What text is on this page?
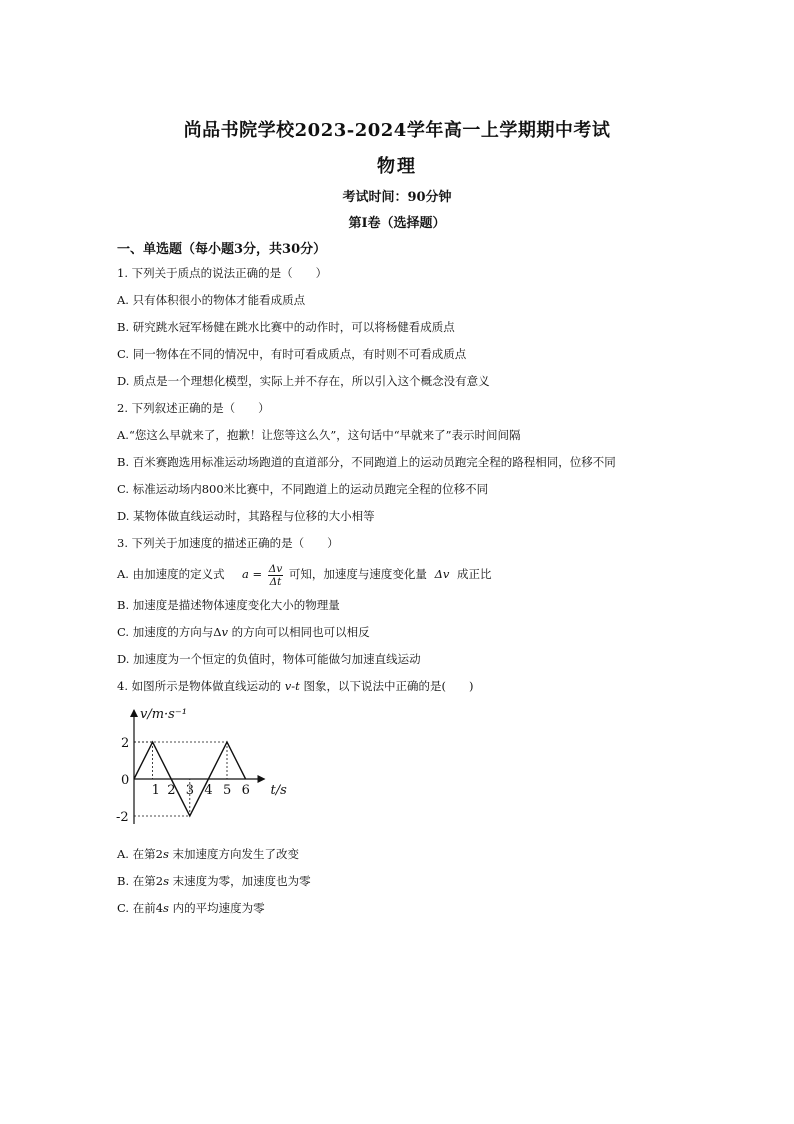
尚品书院学校2023-2024学年高一上学期期中考试
物理
考试时间：90分钟
第Ⅰ卷（选择题）
一、单选题（每小题3分，共30分）
1. 下列关于质点的说法正确的是（　　）
A. 只有体积很小的物体才能看成质点
B. 研究跳水冠军杨健在跳水比赛中的动作时，可以将杨健看成质点
C. 同一物体在不同的情况中，有时可看成质点，有时则不可看成质点
D. 质点是一个理想化模型，实际上并不存在，所以引入这个概念没有意义
2. 下列叙述正确的是（　　）
A.“您这么早就来了，抱歉！让您等这么久”，这句话中“早就来了”表示时间间隔
B. 百米赛跑选用标准运动场跑道的直道部分，不同跑道上的运动员跑完全程的路程相同，位移不同
C. 标准运动场内800米比赛中，不同跑道上的运动员跑完全程的位移不同
D. 某物体做直线运动时，其路程与位移的大小相等
3. 下列关于加速度的描述正确的是（　　）
A. 由加速度的定义式 $a = \frac{\Delta v}{\Delta t}$ 可知，加速度与速度变化量 Δv 成正比
B. 加速度是描述物体速度变化大小的物理量
C. 加速度的方向与Δv 的方向可以相同也可以相反
D. 加速度为一个恒定的负值时，物体可能做匀加速直线运动
4. 如图所示是物体做直线运动的 v-t 图象，以下说法中正确的是(　　)
1 2 3 4 5 6
2
0
-2
v/m·s⁻¹
t/s
A. 在第2s 末加速度方向发生了改变
B. 在第2s 末速度为零，加速度也为零
C. 在前4s 内的平均速度为零
